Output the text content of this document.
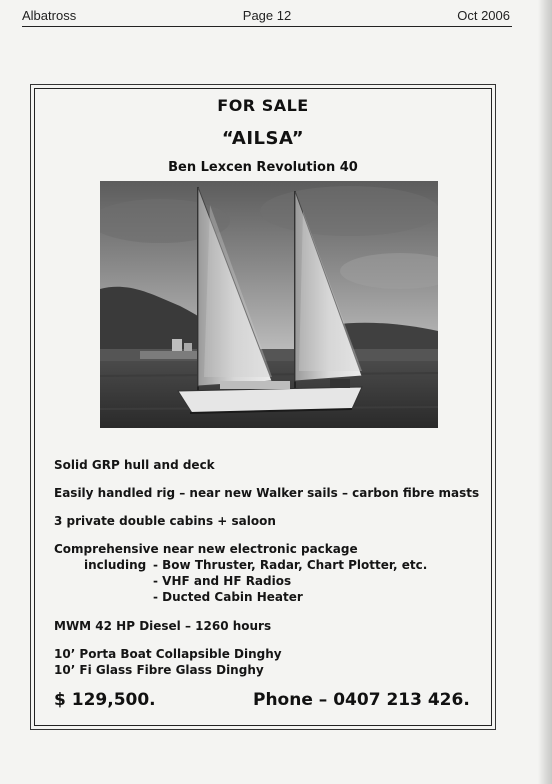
Albatross	Page 12	Oct 2006
FOR SALE
“AILSA”
Ben Lexcen Revolution 40

Solid GRP hull and deck

Easily handled rig – near new Walker sails – carbon fibre masts

3 private double cabins + saloon

Comprehensive near new electronic package

including - Bow Thruster, Radar, Chart Plotter, etc.
- VHF and HF Radios
- Ducted Cabin Heater

MWM 42 HP Diesel – 1260 hours

10’ Porta Boat Collapsible Dinghy

10’ Fi Glass Fibre Glass Dinghy

$ 129,500.	Phone – 0407 213 426.
